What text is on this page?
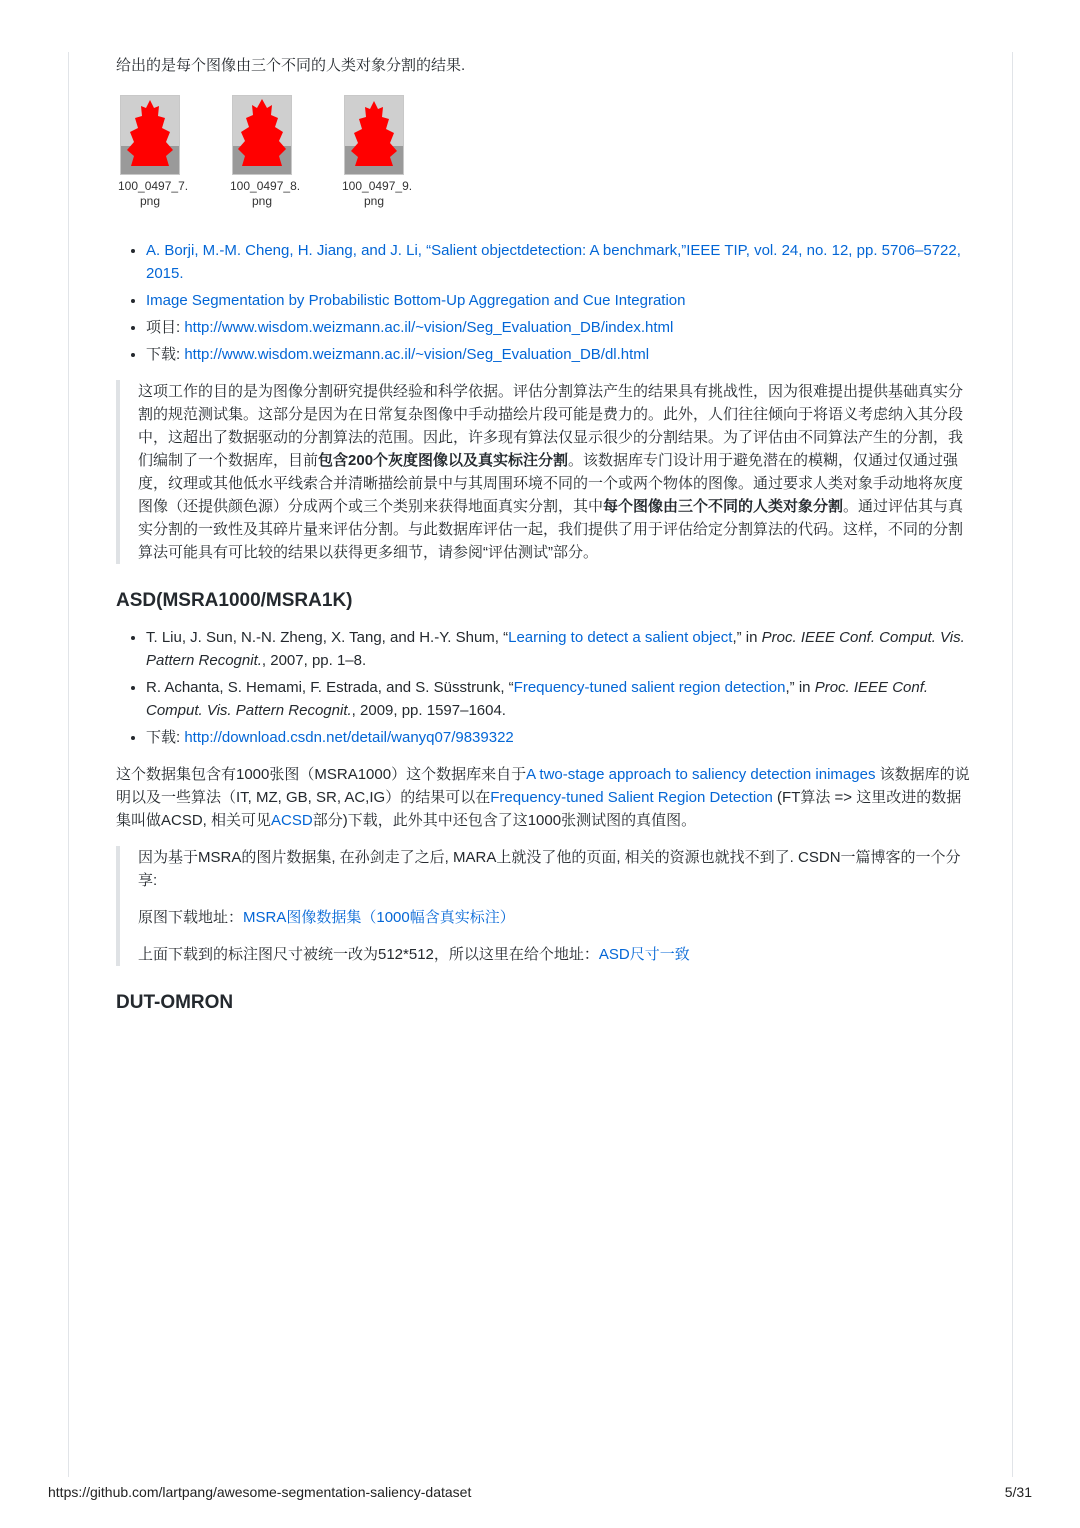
给出的是每个图像由三个不同的人类对象分割的结果.

100_0497_7.
png
100_0497_8.
png
100_0497_9.
png
• A. Borji, M.-M. Cheng, H. Jiang, and J. Li, “Salient objectdetection: A benchmark,”IEEE TIP, vol. 24, no. 12, pp. 5706–5722, 2015.
• Image Segmentation by Probabilistic Bottom-Up Aggregation and Cue Integration
• 项目: http://www.wisdom.weizmann.ac.il/~vision/Seg_Evaluation_DB/index.html
• 下载: http://www.wisdom.weizmann.ac.il/~vision/Seg_Evaluation_DB/dl.html

这项工作的目的是为图像分割研究提供经验和科学依据。评估分割算法产生的结果具有挑战性，因为很难提出提供基础真实分割的规范测试集。这部分是因为在日常复杂图像中手动描绘片段可能是费力的。此外，人们往往倾向于将语义考虑纳入其分段中，这超出了数据驱动的分割算法的范围。因此，许多现有算法仅显示很少的分割结果。为了评估由不同算法产生的分割，我们编制了一个数据库，目前包含200个灰度图像以及真实标注分割。该数据库专门设计用于避免潜在的模糊，仅通过仅通过强度，纹理或其他低水平线索合并清晰描绘前景中与其周围环境不同的一个或两个物体的图像。通过要求人类对象手动地将灰度图像（还提供颜色源）分成两个或三个类别来获得地面真实分割，其中每个图像由三个不同的人类对象分割。通过评估其与真实分割的一致性及其碎片量来评估分割。与此数据库评估一起，我们提供了用于评估给定分割算法的代码。这样，不同的分割算法可能具有可比较的结果以获得更多细节，请参阅“评估测试”部分。

ASD(MSRA1000/MSRA1K)
• T. Liu, J. Sun, N.-N. Zheng, X. Tang, and H.-Y. Shum, “Learning to detect a salient object,” in Proc. IEEE Conf. Comput. Vis. Pattern Recognit., 2007, pp. 1–8.
• R. Achanta, S. Hemami, F. Estrada, and S. Süsstrunk, “Frequency-tuned salient region detection,” in Proc. IEEE Conf. Comput. Vis. Pattern Recognit., 2009, pp. 1597–1604.
• 下载: http://download.csdn.net/detail/wanyq07/9839322

这个数据集包含有1000张图（MSRA1000）这个数据库来自于A two-stage approach to saliency detection inimages 该数据库的说明以及一些算法（IT, MZ, GB, SR, AC,IG）的结果可以在Frequency-tuned Salient Region Detection (FT算法 => 这里改进的数据集叫做ACSD, 相关可见ACSD部分)下载，此外其中还包含了这1000张测试图的真值图。

因为基于MSRA的图片数据集, 在孙剑走了之后, MARA上就没了他的页面, 相关的资源也就找不到了. CSDN一篇博客的一个分享:

原图下载地址：MSRA图像数据集（1000幅含真实标注）

上面下载到的标注图尺寸被统一改为512*512，所以这里在给个地址：ASD尺寸一致

DUT-OMRON
https://github.com/lartpang/awesome-segmentation-saliency-dataset	5/31
